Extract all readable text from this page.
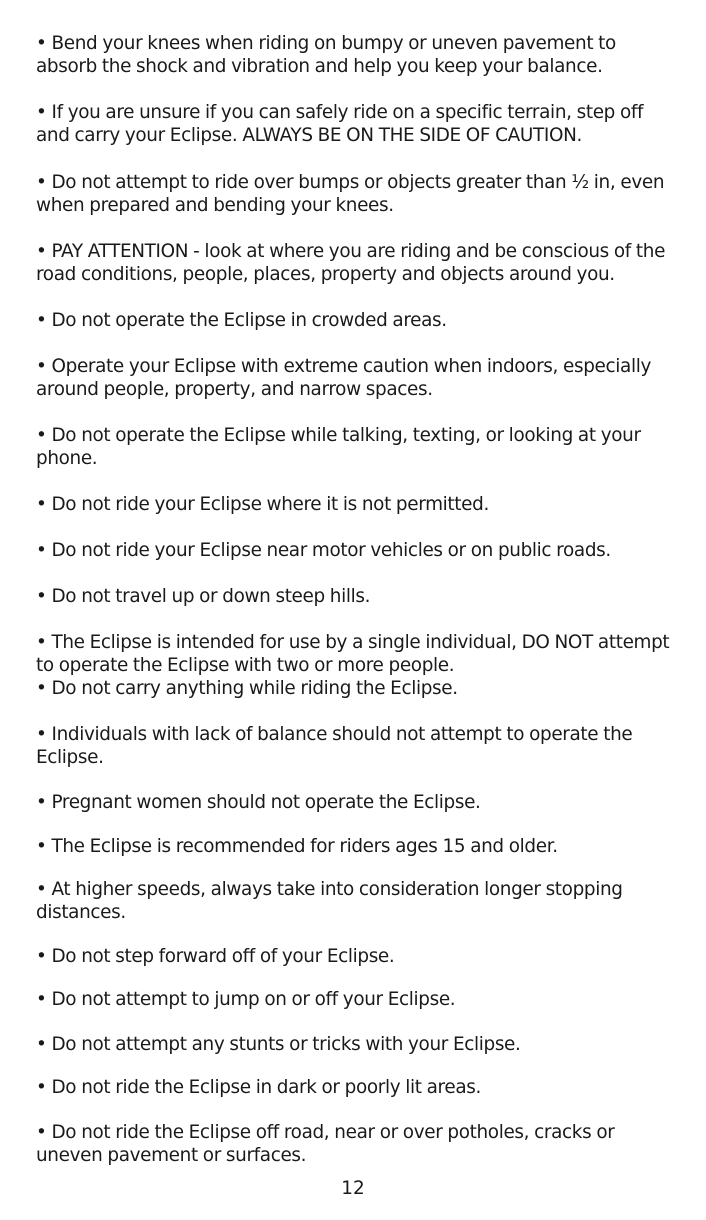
• Bend your knees when riding on bumpy or uneven pavement to absorb the shock and vibration and help you keep your balance.
• If you are unsure if you can safely ride on a specific terrain, step off and carry your Eclipse. ALWAYS BE ON THE SIDE OF CAUTION.
• Do not attempt to ride over bumps or objects greater than ½ in, even when prepared and bending your knees.
• PAY ATTENTION - look at where you are riding and be conscious of the road conditions, people, places, property and objects around you.
• Do not operate the Eclipse in crowded areas.
• Operate your Eclipse with extreme caution when indoors, especially around people, property, and narrow spaces.
• Do not operate the Eclipse while talking, texting, or looking at your phone.
• Do not ride your Eclipse where it is not permitted.
• Do not ride your Eclipse near motor vehicles or on public roads.
• Do not travel up or down steep hills.
• The Eclipse is intended for use by a single individual, DO NOT attempt to operate the Eclipse with two or more people.
• Do not carry anything while riding the Eclipse.
• Individuals with lack of balance should not attempt to operate the Eclipse.
• Pregnant women should not operate the Eclipse.
• The Eclipse is recommended for riders ages 15 and older.
• At higher speeds, always take into consideration longer stopping distances.
• Do not step forward off of your Eclipse.
• Do not attempt to jump on or off your Eclipse.
• Do not attempt any stunts or tricks with your Eclipse.
• Do not ride the Eclipse in dark or poorly lit areas.
• Do not ride the Eclipse off road, near or over potholes, cracks or uneven pavement or surfaces.
12
